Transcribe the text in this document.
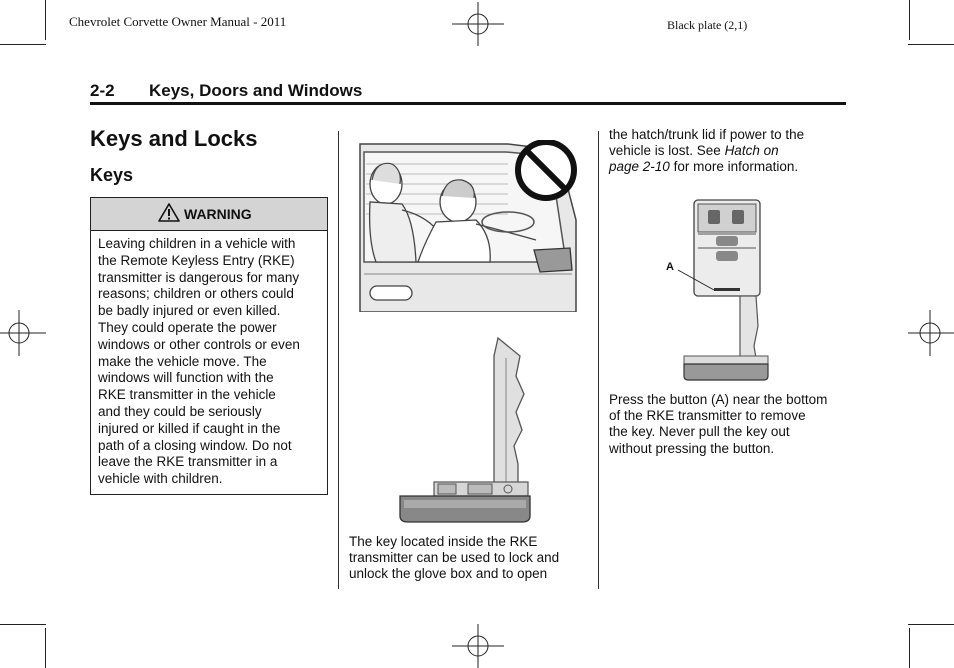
Chevrolet Corvette Owner Manual - 2011	Black plate (2,1)
2-2 Keys, Doors and Windows
Keys and Locks
Keys
WARNING
Leaving children in a vehicle with
the Remote Keyless Entry (RKE)
transmitter is dangerous for many
reasons; children or others could
be badly injured or even killed.
They could operate the power
windows or other controls or even
make the vehicle move. The
windows will function with the
RKE transmitter in the vehicle
and they could be seriously
injured or killed if caught in the
path of a closing window. Do not
leave the RKE transmitter in a
vehicle with children.
The key located inside the RKE
transmitter can be used to lock and
unlock the glove box and to open
the hatch/trunk lid if power to the
vehicle is lost. See Hatch on
page 2-10 for more information.
A
Press the button (A) near the bottom
of the RKE transmitter to remove
the key. Never pull the key out
without pressing the button.
